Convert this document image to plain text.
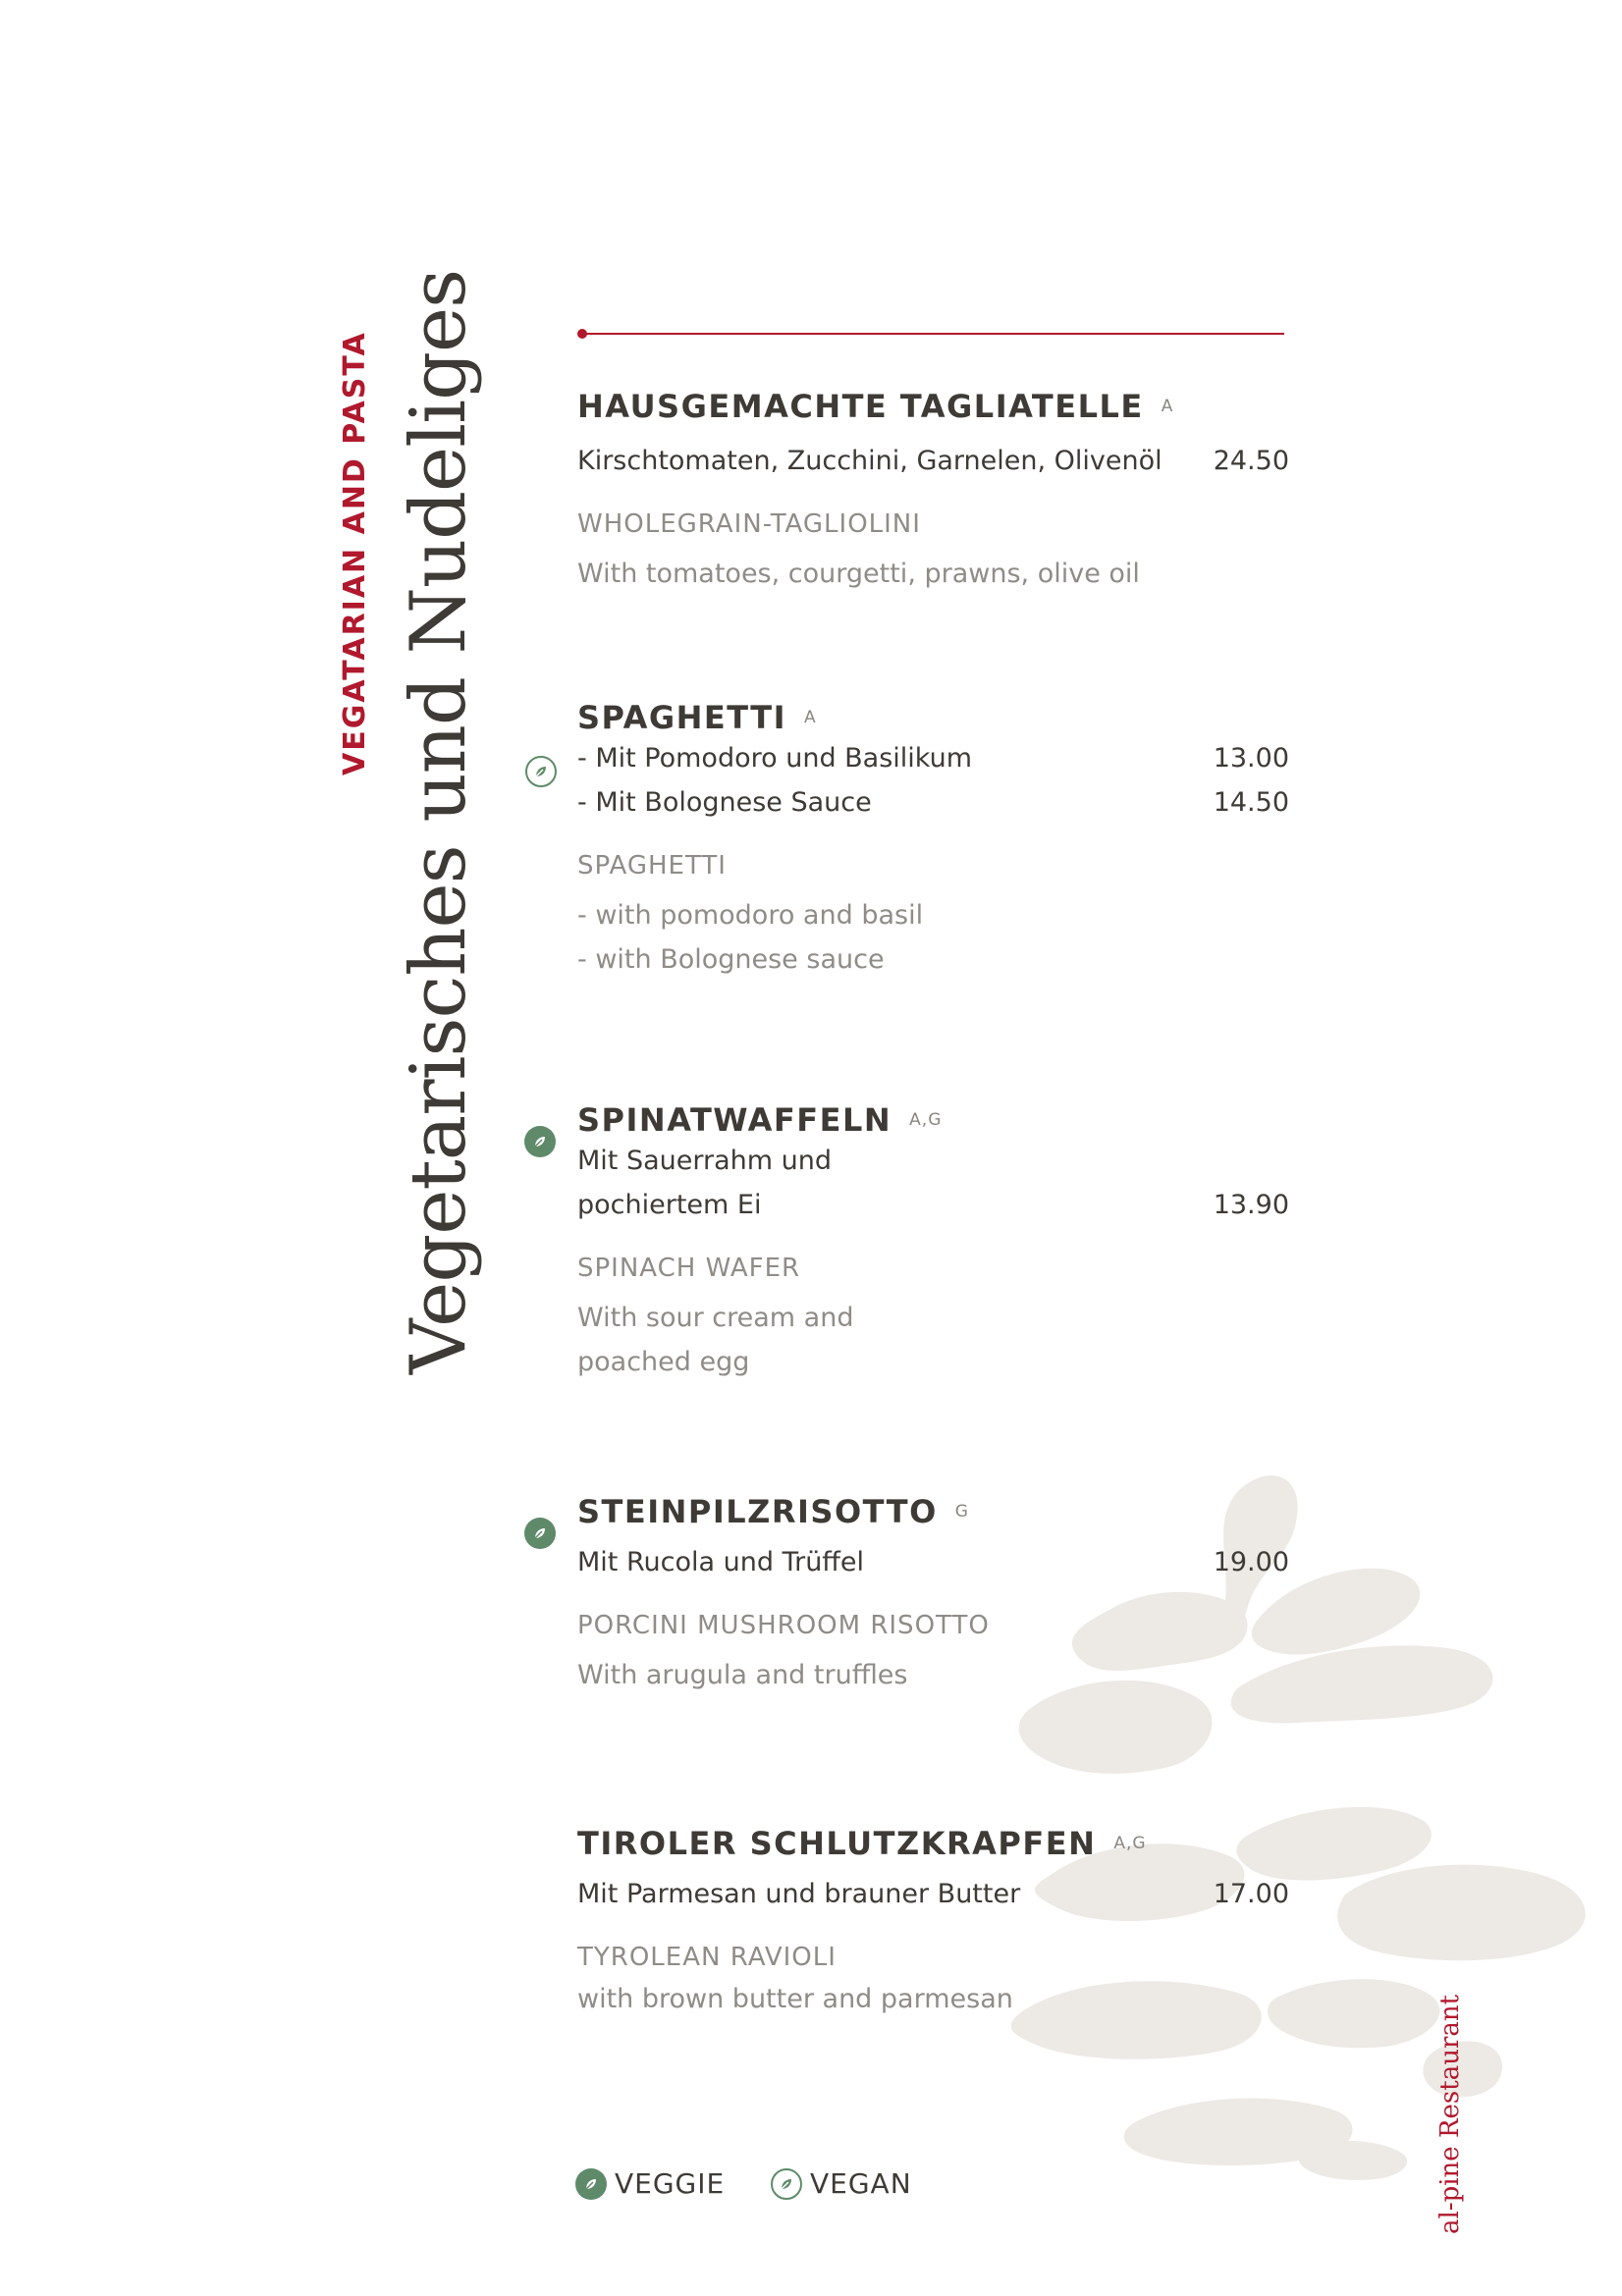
VEGATARIAN AND PASTA Vegetarisches und Nudeliges	HAUSGEMACHTE TAGLIATELLE A
Kirschtomaten, Zucchini, Garnelen, Olivenöl 24.50
WHOLEGRAIN-TAGLIOLINI
With tomatoes, courgetti, prawns, olive oil
SPAGHETTI A
- Mit Pomodoro und Basilikum	13.00
- Mit Bolognese Sauce	14.50
SPAGHETTI
- with pomodoro and basil
- with Bolognese sauce
SPINATWAFFELN A,G
Mit Sauerrahm und
pochiertem Ei	13.90
SPINACH WAFER
With sour cream and
poached egg
STEINPILZRISOTTO G
Mit Rucola und Trüffel	19.00
PORCINI MUSHROOM RISOTTO
With arugula and truffles
TIROLER SCHLUTZKRAPFEN A,G
Mit Parmesan und brauner Butter	17.00
TYROLEAN RAVIOLI
with brown butter and parmesan
VEGGIE	VEGAN	al-pine Restaurant
